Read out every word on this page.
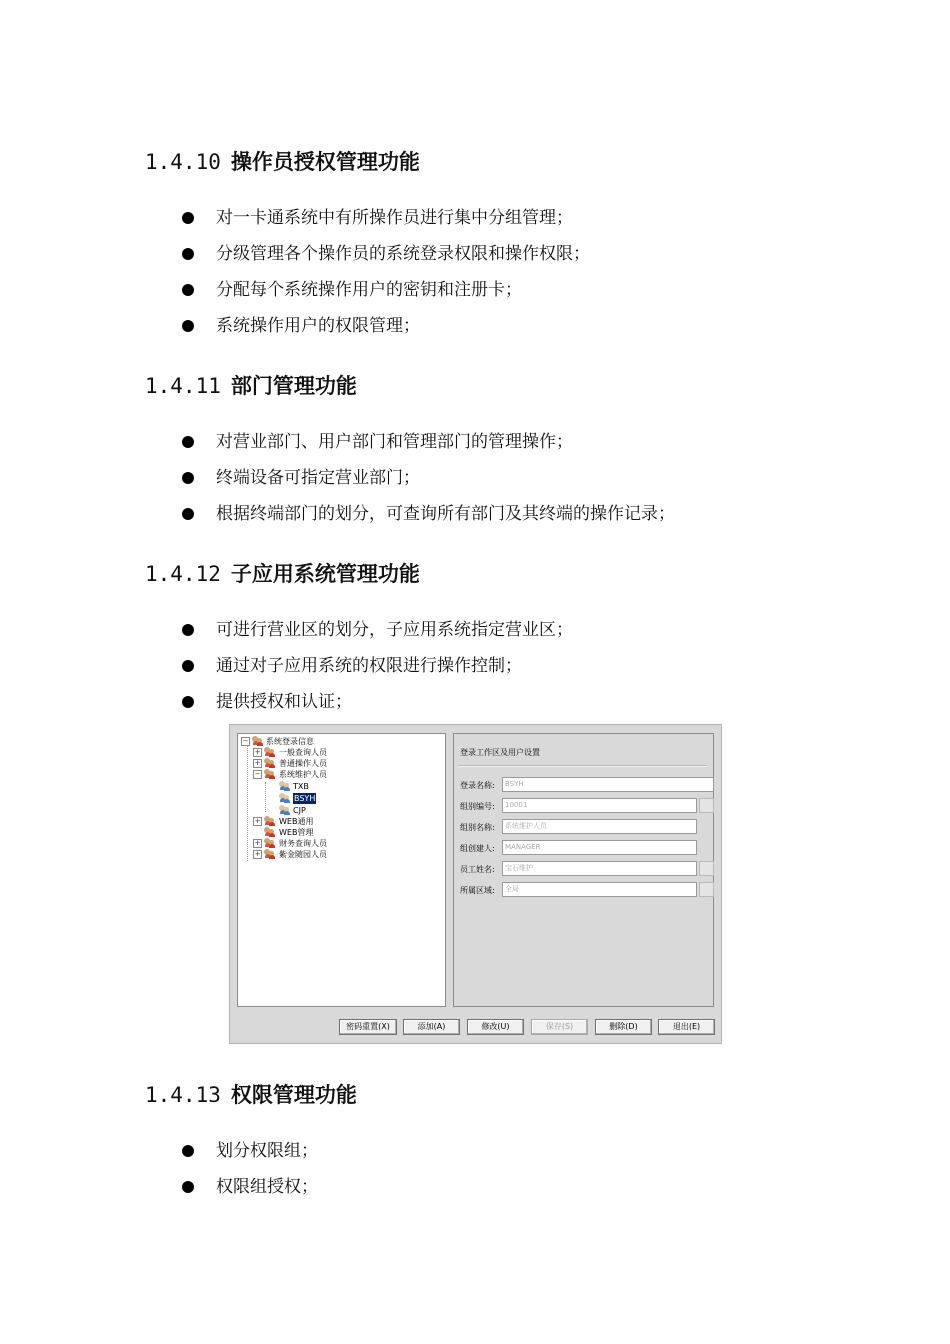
1.4.10 操作员授权管理功能
对一卡通系统中有所操作员进行集中分组管理；
分级管理各个操作员的系统登录权限和操作权限；
分配每个系统操作用户的密钥和注册卡；
系统操作用户的权限管理；
1.4.11 部门管理功能
对营业部门、用户部门和管理部门的管理操作；
终端设备可指定营业部门；
根据终端部门的划分，可查询所有部门及其终端的操作记录；
1.4.12 子应用系统管理功能
可进行营业区的划分，子应用系统指定营业区；
通过对子应用系统的权限进行操作控制；
提供授权和认证；
− 系统登录信息
+ 一般查询人员
+ 普通操作人员
− 系统维护人员
TXB
BSYH
CJP
+ WEB通用
WEB管理
+ 财务查询人员
+ 紫金随园人员
登录工作区及用户设置
登录名称:	BSYH
组别编号:	10001
组别名称:	系统维护人员
组创建人:	MANAGER
员工姓名:	宝石维护
所属区域:	全局
密码重置(X)	添加(A)	修改(U)	保存(S)	删除(D)	退出(E)
1.4.13 权限管理功能
划分权限组；
权限组授权；
